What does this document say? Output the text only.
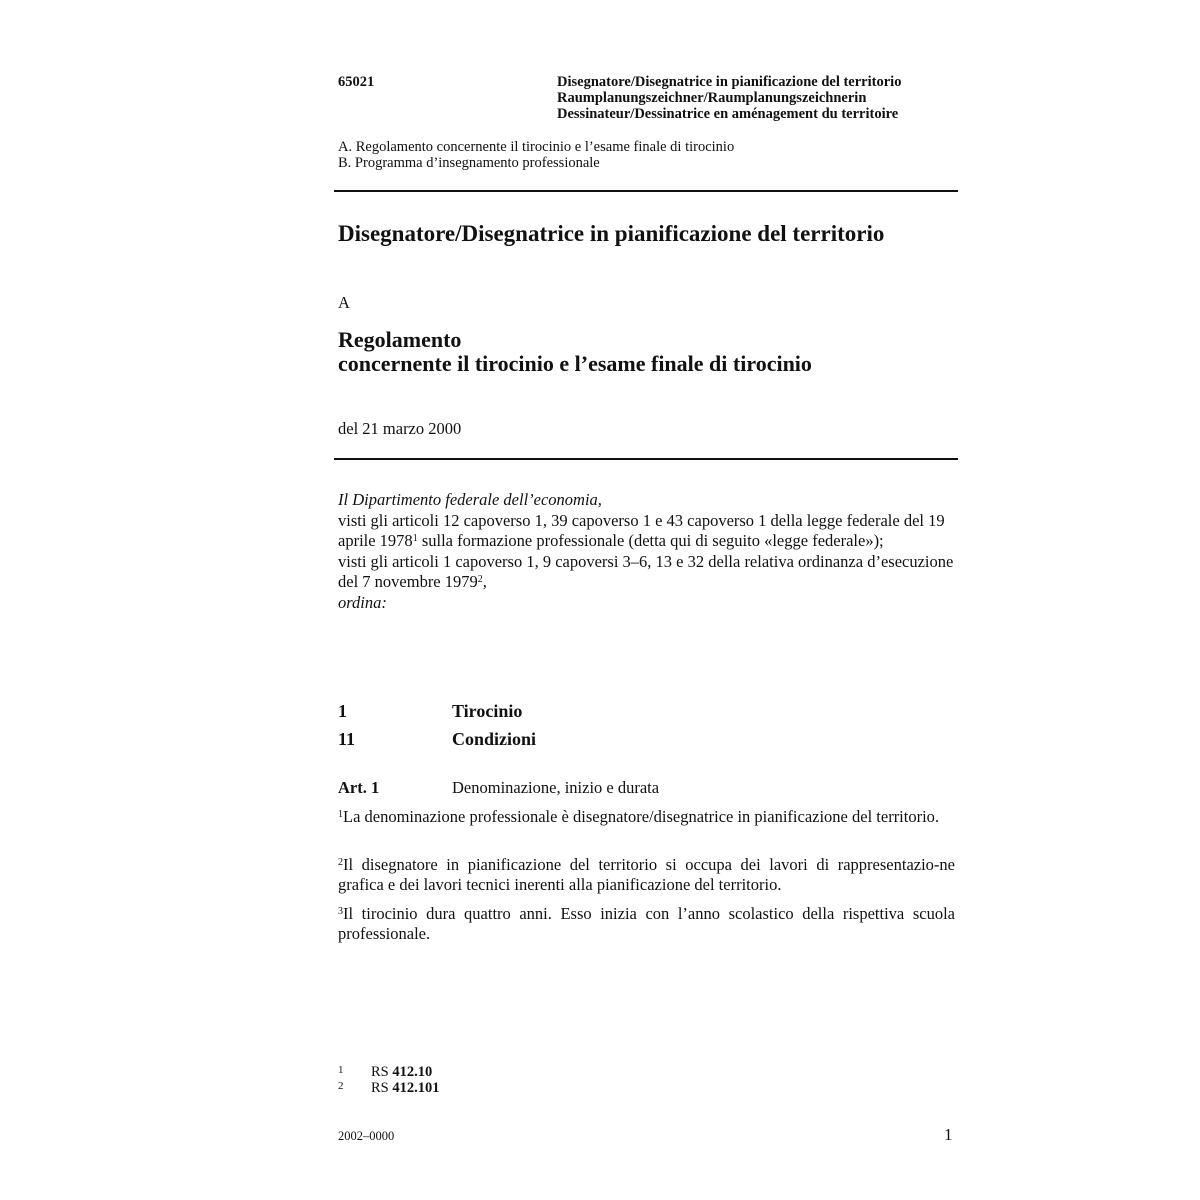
65021	Disegnatore/Disegnatrice in pianificazione del territorio
Raumplanungszeichner/Raumplanungszeichnerin
Dessinateur/Dessinatrice en aménagement du territoire
A. Regolamento concernente il tirocinio e l’esame finale di tirocinio
B. Programma d’insegnamento professionale
Disegnatore/Disegnatrice in pianificazione del territorio
A
Regolamento
concernente il tirocinio e l’esame finale di tirocinio
del 21 marzo 2000
Il Dipartimento federale dell’economia,
visti gli articoli 12 capoverso 1, 39 capoverso 1 e 43 capoverso 1 della legge federale del 19 aprile 1978$^1$ sulla formazione professionale (detta qui di seguito «legge federale»);
visti gli articoli 1 capoverso 1, 9 capoversi 3–6, 13 e 32 della relativa ordinanza d’esecuzione del 7 novembre 1979$^2$,
ordina:
1	Tirocinio
11	Condizioni
Art. 1	Denominazione, inizio e durata
$^1$La denominazione professionale è disegnatore/disegnatrice in pianificazione del territorio.
$^2$Il disegnatore in pianificazione del territorio si occupa dei lavori di rappresentazio-ne grafica e dei lavori tecnici inerenti alla pianificazione del territorio.
$^3$Il tirocinio dura quattro anni. Esso inizia con l’anno scolastico della rispettiva scuola professionale.
1 RS 412.10
2 RS 412.101
2002–0000	1
